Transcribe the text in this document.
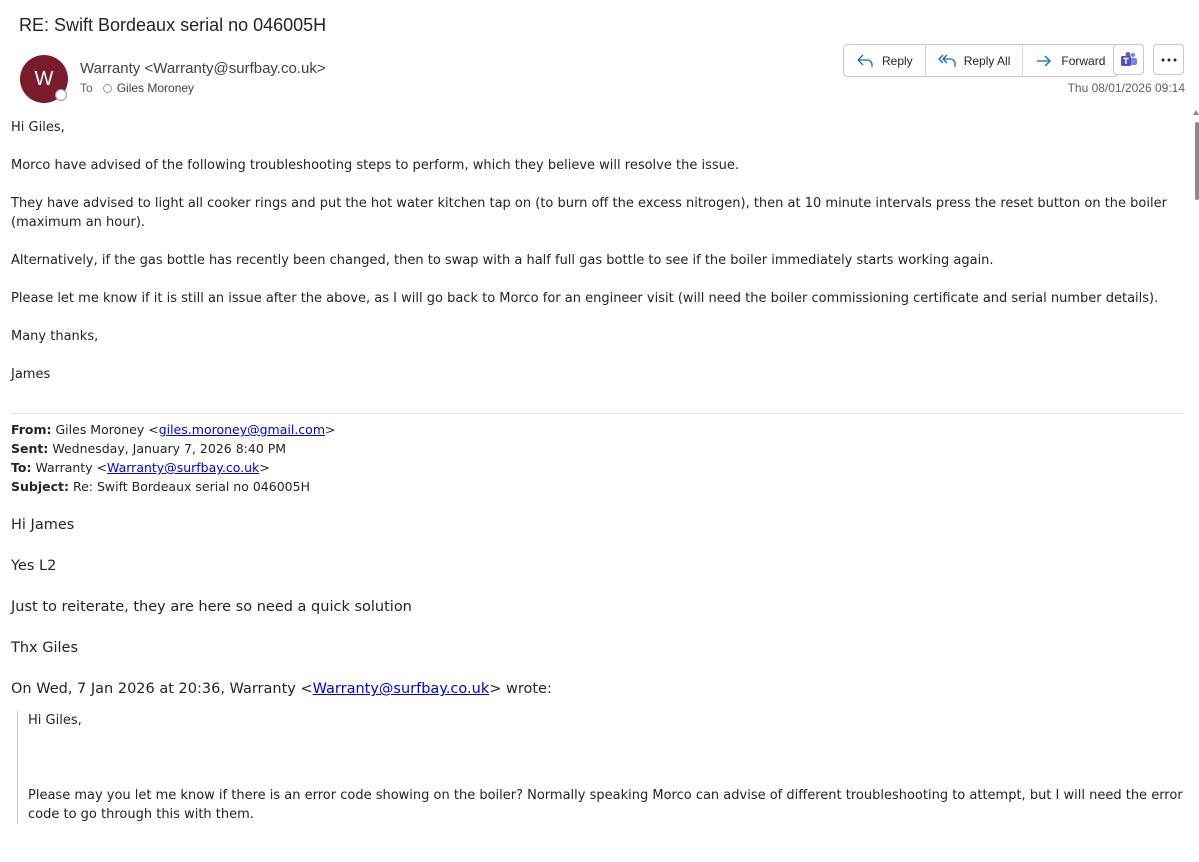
RE: Swift Bordeaux serial no 046005H
W Warranty <Warranty@surfbay.co.uk>
To Giles Moroney
Reply	Reply All	Forward
Thu 08/01/2026 09:14

Hi Giles,

Morco have advised of the following troubleshooting steps to perform, which they believe will resolve the issue.

They have advised to light all cooker rings and put the hot water kitchen tap on (to burn off the excess nitrogen), then at 10 minute intervals press the reset button on the boiler (maximum an hour).

Alternatively, if the gas bottle has recently been changed, then to swap with a half full gas bottle to see if the boiler immediately starts working again.

Please let me know if it is still an issue after the above, as I will go back to Morco for an engineer visit (will need the boiler commissioning certificate and serial number details).

Many thanks,

James

From: Giles Moroney <giles.moroney@gmail.com>
Sent: Wednesday, January 7, 2026 8:40 PM
To: Warranty <Warranty@surfbay.co.uk>
Subject: Re: Swift Bordeaux serial no 046005H

Hi James

Yes L2

Just to reiterate, they are here so need a quick solution

Thx Giles

On Wed, 7 Jan 2026 at 20:36, Warranty <Warranty@surfbay.co.uk> wrote:

Hi Giles,

Please may you let me know if there is an error code showing on the boiler? Normally speaking Morco can advise of different troubleshooting to attempt, but I will need the error code to go through this with them.
